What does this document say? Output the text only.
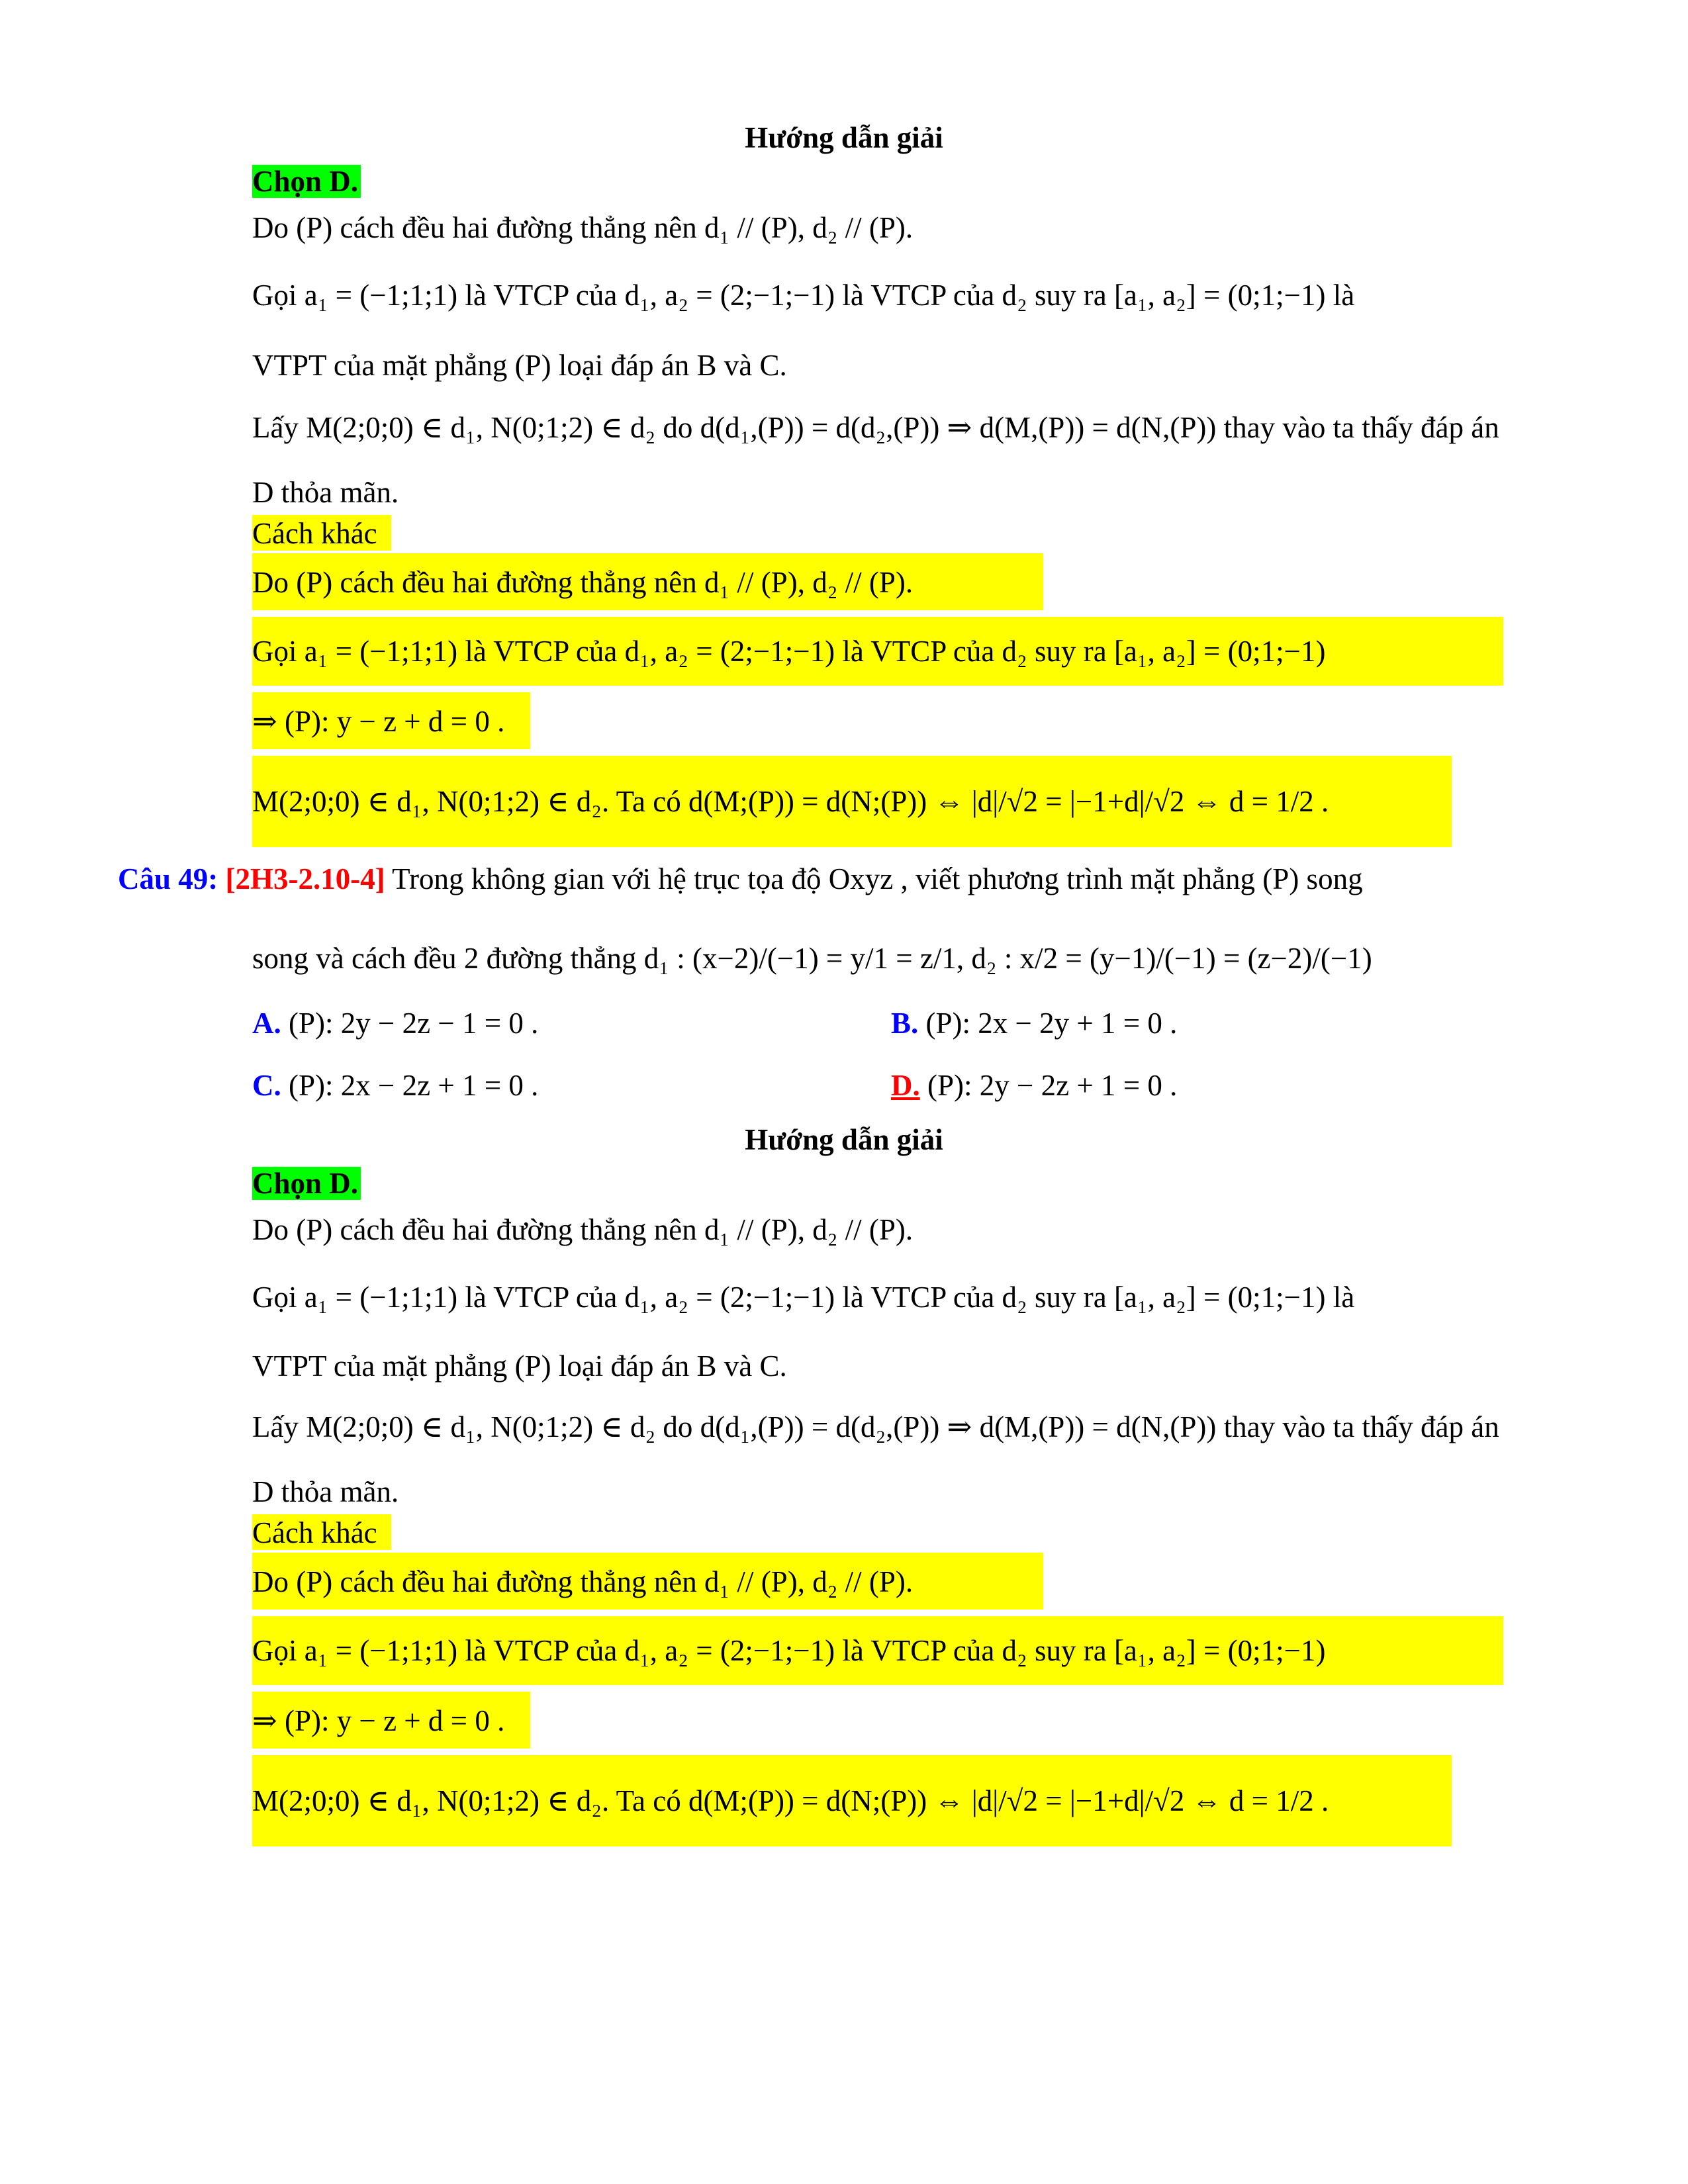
Hướng dẫn giải
Chọn D.
Do (P) cách đều hai đường thẳng nên d₁ // (P), d₂ // (P).
Gọi a₁ = (−1;1;1) là VTCP của d₁, a₂ = (2;−1;−1) là VTCP của d₂ suy ra [a₁, a₂] = (0;1;−1) là
VTPT của mặt phẳng (P) loại đáp án B và C.
Lấy M(2;0;0) ∈ d₁, N(0;1;2) ∈ d₂ do d(d₁,(P)) = d(d₂,(P)) ⇒ d(M,(P)) = d(N,(P)) thay vào ta thấy đáp án
D thỏa mãn.
Cách khác
Do (P) cách đều hai đường thẳng nên d₁ // (P), d₂ // (P).
Gọi a₁ = (−1;1;1) là VTCP của d₁, a₂ = (2;−1;−1) là VTCP của d₂ suy ra [a₁, a₂] = (0;1;−1)
⇒ (P): y − z + d = 0 .
M(2;0;0) ∈ d₁, N(0;1;2) ∈ d₂. Ta có d(M;(P)) = d(N;(P)) ⇔ |d|/√2 = |−1+d|/√2 ⇔ d = 1/2 .
Câu 49: [2H3-2.10-4] Trong không gian với hệ trục tọa độ Oxyz , viết phương trình mặt phẳng (P) song
song và cách đều 2 đường thẳng d₁ : (x−2)/(−1) = y/1 = z/1, d₂ : x/2 = (y−1)/(−1) = (z−2)/(−1)
A. (P): 2y − 2z − 1 = 0 .	B. (P): 2x − 2y + 1 = 0 .
C. (P): 2x − 2z + 1 = 0 .	D. (P): 2y − 2z + 1 = 0 .
Hướng dẫn giải
Chọn D.
Do (P) cách đều hai đường thẳng nên d₁ // (P), d₂ // (P).
Gọi a₁ = (−1;1;1) là VTCP của d₁, a₂ = (2;−1;−1) là VTCP của d₂ suy ra [a₁, a₂] = (0;1;−1) là
VTPT của mặt phẳng (P) loại đáp án B và C.
Lấy M(2;0;0) ∈ d₁, N(0;1;2) ∈ d₂ do d(d₁,(P)) = d(d₂,(P)) ⇒ d(M,(P)) = d(N,(P)) thay vào ta thấy đáp án
D thỏa mãn.
Cách khác
Do (P) cách đều hai đường thẳng nên d₁ // (P), d₂ // (P).
Gọi a₁ = (−1;1;1) là VTCP của d₁, a₂ = (2;−1;−1) là VTCP của d₂ suy ra [a₁, a₂] = (0;1;−1)
⇒ (P): y − z + d = 0 .
M(2;0;0) ∈ d₁, N(0;1;2) ∈ d₂. Ta có d(M;(P)) = d(N;(P)) ⇔ |d|/√2 = |−1+d|/√2 ⇔ d = 1/2 .
